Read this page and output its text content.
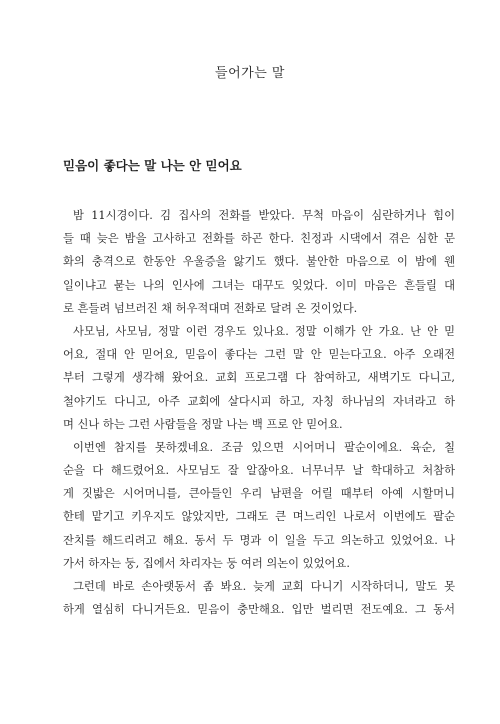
들어가는 말
믿음이 좋다는 말 나는 안 믿어요
밤 11시경이다. 김 집사의 전화를 받았다. 무척 마음이 심란하거나 힘이
들 때 늦은 밤을 고사하고 전화를 하곤 한다. 친정과 시댁에서 겪은 심한 문
화의 충격으로 한동안 우울증을 앓기도 했다. 불안한 마음으로 이 밤에 웬
일이냐고 묻는 나의 인사에 그녀는 대꾸도 잊었다. 이미 마음은 흔들릴 대
로 흔들려 넘브러진 채 허우적대며 전화로 달려 온 것이었다.
사모님, 사모님, 정말 이런 경우도 있나요. 정말 이해가 안 가요. 난 안 믿
어요, 절대 안 믿어요, 믿음이 좋다는 그런 말 안 믿는다고요. 아주 오래전
부터 그렇게 생각해 왔어요. 교회 프로그램 다 참여하고, 새벽기도 다니고,
철야기도 다니고, 아주 교회에 살다시피 하고, 자칭 하나님의 자녀라고 하
며 신나 하는 그런 사람들을 정말 나는 백 프로 안 믿어요.
이번엔 참지를 못하겠네요. 조금 있으면 시어머니 팔순이에요. 육순, 칠
순을 다 해드렸어요. 사모님도 잘 알잖아요. 너무너무 날 학대하고 처참하
게 짓밟은 시어머니를, 큰아들인 우리 남편을 어릴 때부터 아예 시할머니
한테 맡기고 키우지도 않았지만, 그래도 큰 며느리인 나로서 이번에도 팔순
잔치를 해드리려고 해요. 동서 두 명과 이 일을 두고 의논하고 있었어요. 나
가서 하자는 둥, 집에서 차리자는 둥 여러 의논이 있었어요.
그런데 바로 손아랫동서 좀 봐요. 늦게 교회 다니기 시작하더니, 말도 못
하게 열심히 다니거든요. 믿음이 충만해요. 입만 벌리면 전도예요. 그 동서
